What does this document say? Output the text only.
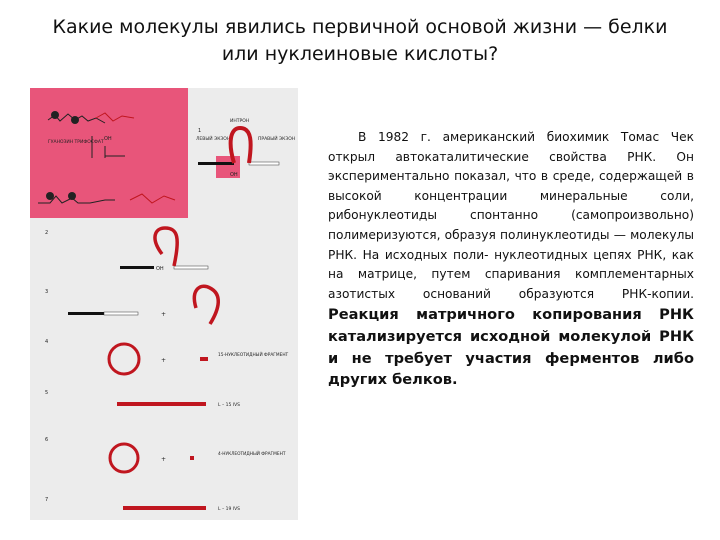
Какие молекулы явились первичной основой жизни — белки
или нуклеиновые кислоты?
ГУАНОЗИН ТРИФОСФАТ
OH
1
ИНТРОН
ЛЕВЫЙ ЭКЗОН	ПРАВЫЙ ЭКЗОН
OH
2
OH
3
+
4
+
15-НУКЛЕОТИДНЫЙ ФРАГМЕНТ
5
L – 15 IVS
6
+
4-НУКЛЕОТИДНЫЙ ФРАГМЕНТ
7
L – 19 IVS
В 1982 г. американский биохимик Томас Чек открыл автокаталитические свойства РНК. Он экспериментально показал, что в среде, содержащей в высокой концентрации минеральные соли, рибонуклеотиды спонтанно (самопроизвольно) полимеризуются, образуя полинуклеотиды — молекулы РНК. На исходных поли- нуклеотидных цепях РНК, как на матрице, путем спаривания комплементарных азотистых оснований образуются РНК-копии. Реакция матричного копирования РНК катализируется исходной молекулой РНК и не требует участия ферментов либо других белков.
